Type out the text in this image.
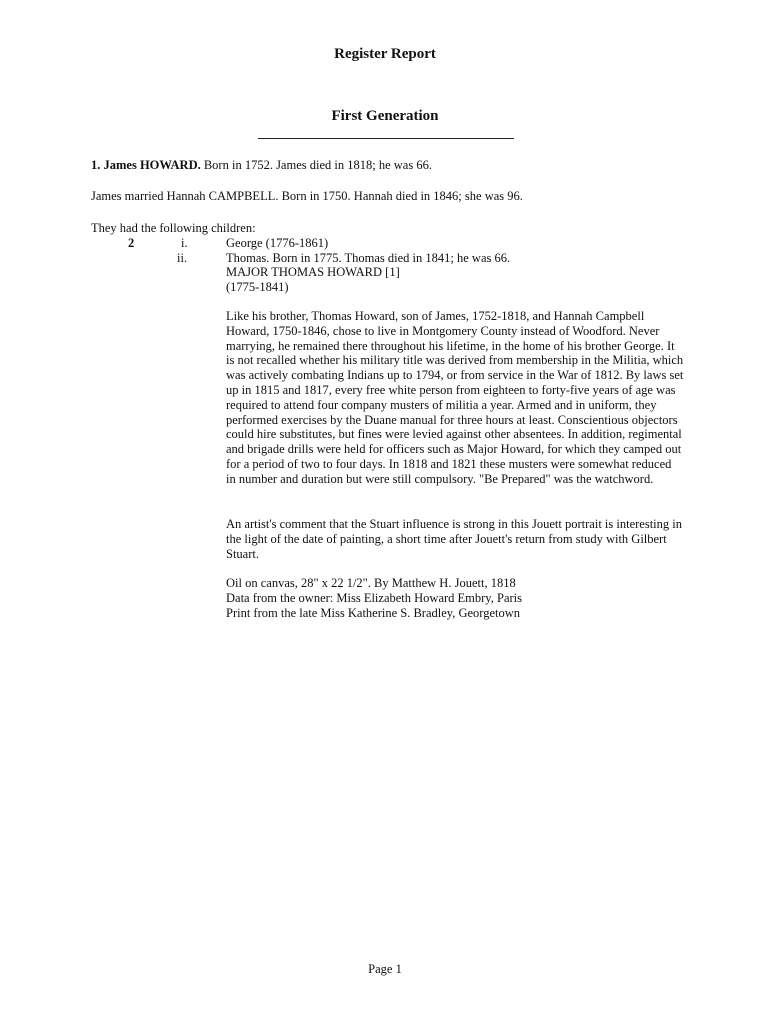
Register Report
First Generation
1. James HOWARD. Born in 1752. James died in 1818; he was 66.
James married Hannah CAMPBELL. Born in 1750. Hannah died in 1846; she was 96.
They had the following children:
2	i.	George (1776-1861)
ii.	Thomas. Born in 1775. Thomas died in 1841; he was 66.
MAJOR THOMAS HOWARD [1]
(1775-1841)
Like his brother, Thomas Howard, son of James, 1752-1818, and Hannah Campbell Howard, 1750-1846, chose to live in Montgomery County instead of Woodford. Never marrying, he remained there throughout his lifetime, in the home of his brother George. It is not recalled whether his military title was derived from membership in the Militia, which was actively combating Indians up to 1794, or from service in the War of 1812. By laws set up in 1815 and 1817, every free white person from eighteen to forty-five years of age was required to attend four company musters of militia a year. Armed and in uniform, they performed exercises by the Duane manual for three hours at least. Conscientious objectors could hire substitutes, but fines were levied against other absentees. In addition, regimental and brigade drills were held for officers such as Major Howard, for which they camped out for a period of two to four days. In 1818 and 1821 these musters were somewhat reduced in number and duration but were still compulsory. "Be Prepared" was the watchword.
An artist's comment that the Stuart influence is strong in this Jouett portrait is interesting in the light of the date of painting, a short time after Jouett's return from study with Gilbert Stuart.
Oil on canvas, 28" x 22 1/2". By Matthew H. Jouett, 1818
Data from the owner: Miss Elizabeth Howard Embry, Paris
Print from the late Miss Katherine S. Bradley, Georgetown
Page 1
